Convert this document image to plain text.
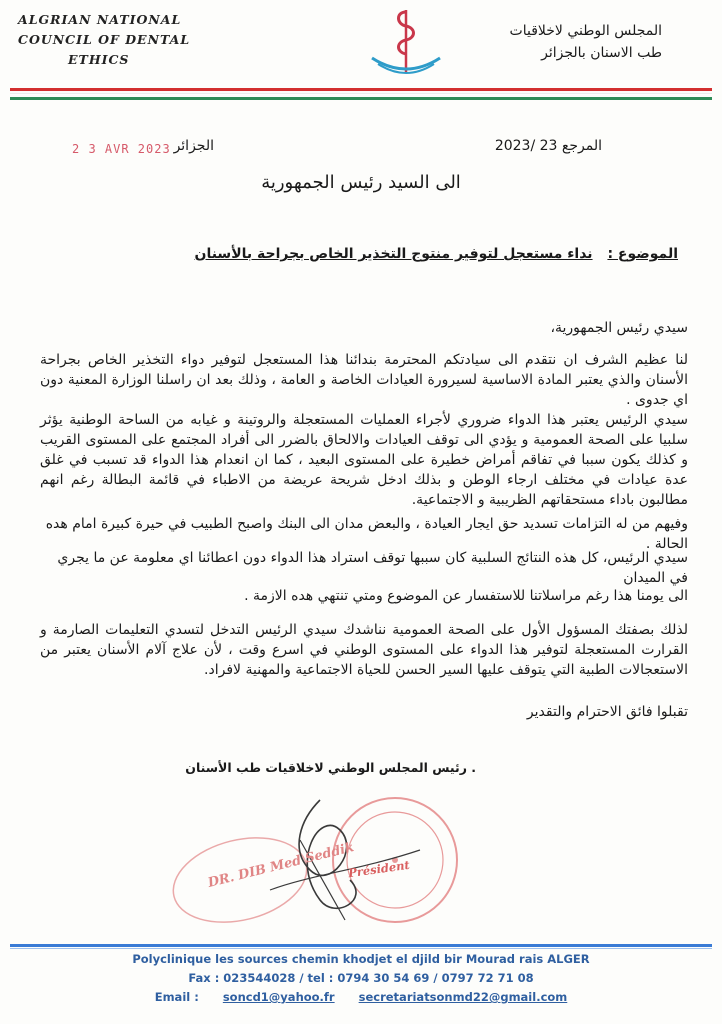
ALGRIAN NATIONAL
COUNCIL OF DENTAL
ETHICS
المجلس الوطني لاخلاقيات
طب الاسنان بالجزائر
المرجع 2023/ 23
2 3 AVR 2023 الجزائر
الى السيد رئيس الجمهورية
الموضوع : نداء مستعجل لتوفير منتوج التخذير الخاص بجراحة بالأسنان
سيدي رئيس الجمهورية،
لنا عظيم الشرف ان نتقدم الى سيادتكم المحترمة بندائنا هذا المستعجل لتوفير دواء التخذير الخاص بجراحة الأسنان والذي يعتبر المادة الاساسية لسيرورة العيادات الخاصة و العامة ، وذلك بعد ان راسلنا الوزارة المعنية دون اي جدوى .
سيدي الرئيس يعتبر هذا الدواء ضروري لأجراء العمليات المستعجلة والروتينة و غيابه من الساحة الوطنية يؤثر سلبيا على الصحة العمومية و يؤدي الى توقف العيادات والالحاق بالضرر الى أفراد المجتمع على المستوى القريب و كذلك يكون سببا في تفاقم أمراض خطيرة على المستوى البعيد ، كما ان انعدام هذا الدواء قد تسبب في غلق عدة عيادات في مختلف ارجاء الوطن و بذلك ادخل شريحة عريضة من الاطباء في قائمة البطالة رغم انهم مطالبون باداء مستحقاتهم الظريبية و الاجتماعية.
وفيهم من له التزامات تسديد حق ايجار العيادة ، والبعض مدان الى البنك واصبح الطبيب في حيرة كبيرة امام هده الحالة .
سيدي الرئيس، كل هذه النتائج السلبية كان سببها توقف استراد هذا الدواء دون اعطائنا اي معلومة عن ما يجري في الميدان
الى يومنا هذا رغم مراسلاتنا للاستفسار عن الموضوع ومتي تنتهي هده الازمة .
لذلك بصفتك المسؤول الأول على الصحة العمومية نناشدك سيدي الرئيس التدخل لتسدي التعليمات الصارمة و القرارت المستعجلة لتوفير هذا الدواء على المستوى الوطني في اسرع وقت ، لأن علاج آلام الأسنان يعتبر من الاستعجالات الطبية التي يتوقف عليها السير الحسن للحياة الاجتماعية والمهنية لافراد.
تقبلوا فائق الاحترام والتقدير
. رئيس المجلس الوطني لاخلاقيات طب الأسنان
DR. DIB Med Seddik
Président
Polyclinique les sources chemin khodjet el djild bir Mourad rais ALGER
Fax : 023544028 / tel : 0794 30 54 69 / 0797 72 71 08
Email : soncd1@yahoo.fr secretariatsonmd22@gmail.com
